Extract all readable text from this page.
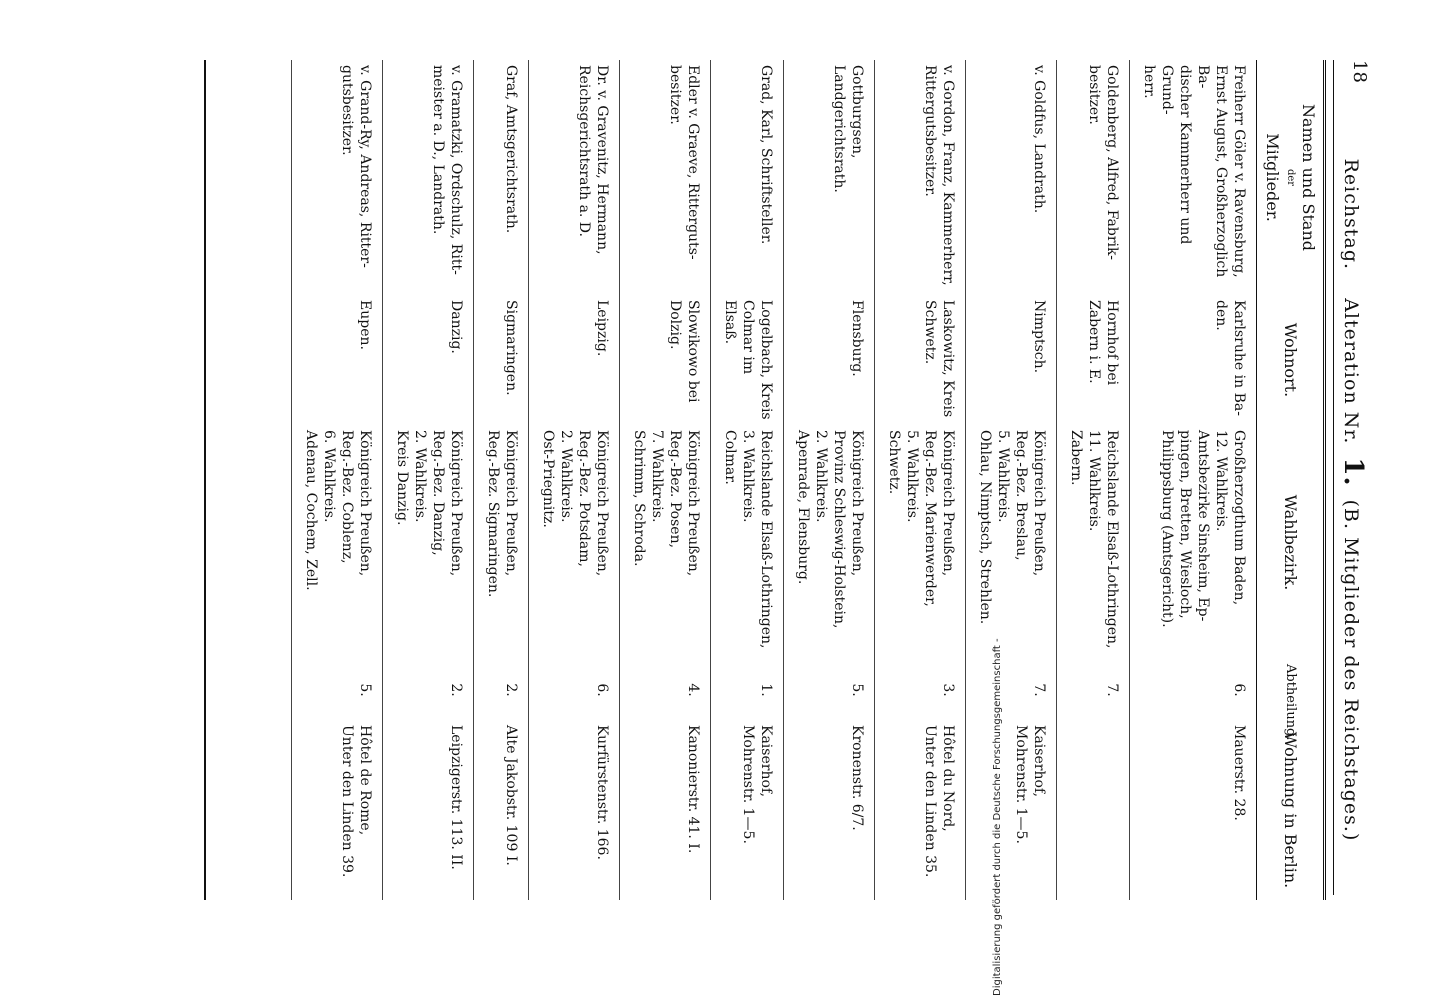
18
Reichstag.    Alteration Nr. 1. (B. Mitglieder des Reichstages.)
Namen und Stand
der
Mitglieder.	Wohnort.	Wahlbezirk.	Abtheilung.	Wohnung in Berlin.

Freiherr Göler v. Ravensburg,
Ernst August, Großherzoglich Ba-
discher Kammerherr und Grund-
herr.	Karlsruhe in Ba-
den.	Großherzogthum Baden,
12. Wahlkreis.
Amtsbezirke Sinsheim, Ep-
pingen, Bretten, Wiesloch,
Philippsburg (Amtsgericht).	6.	Mauerstr. 28.

Goldenberg, Alfred, Fabrik-
besitzer.	Hornhof bei
Zabern i. E.	Reichslande Elsaß-Lothringen,
11. Wahlkreis.
Zabern.	7.	

v. Goldfus, Landrath.	Nimptsch.	Königreich Preußen,
Reg.-Bez. Breslau,
5. Wahlkreis.
Ohlau, Nimptsch, Strehlen.	7.	Kaiserhof,
Mohrenstr. 1—5.

v. Gordon, Franz, Kammerherr,
Rittergutsbesitzer.	Laskowitz, Kreis
Schwetz.	Königreich Preußen,
Reg.-Bez. Marienwerder,
5. Wahlkreis.
Schwetz.	3.	Hôtel du Nord,
Unter den Linden 35.

Gottburgsen, Landgerichtsrath.	Flensburg.	Königreich Preußen,
Provinz Schleswig-Holstein,
2. Wahlkreis.
Apenrade, Flensburg.	5.	Kronenstr. 6/7.

Grad, Karl, Schriftsteller.	Logelbach, Kreis
Colmar im Elsaß.	Reichslande Elsaß-Lothringen,
3. Wahlkreis.
Colmar.	1.	Kaiserhof,
Mohrenstr. 1—5.

Edler v. Graeve, Ritterguts-
besitzer.	Slowikowo bei
Dolzig.	Königreich Preußen,
Reg.-Bez. Posen,
7. Wahlkreis.
Schrimm, Schroda.	4.	Kanonierstr. 41. I.

Dr. v. Gravenitz, Hermann,
Reichsgerichtsrath a. D.	Leipzig.	Königreich Preußen,
Reg.-Bez. Potsdam,
2. Wahlkreis.
Ost-Priegnitz.	6.	Kurfürstenstr. 166.

Graf, Amtsgerichtsrath.	Sigmaringen.	Königreich Preußen,
Reg.-Bez. Sigmaringen.	2.	Alte Jakobstr. 109 I.

v. Gramatzki, Ordschulz, Ritt-
meister a. D., Landrath.	Danzig.	Königreich Preußen,
Reg.-Bez. Danzig,
2. Wahlkreis.
Kreis Danzig.	2.	Leipzigerstr. 113. II.

v. Grand-Ry, Andreas, Ritter-
gutsbesitzer.	Eupen.	Königreich Preußen,
Reg.-Bez. Coblenz,
6. Wahlkreis.
Adenau, Cochem, Zell.	5.	Hôtel de Rome,
Unter den Linden 39.	Digitalisierung gefördert durch die Deutsche Forschungsgemeinschaft -
